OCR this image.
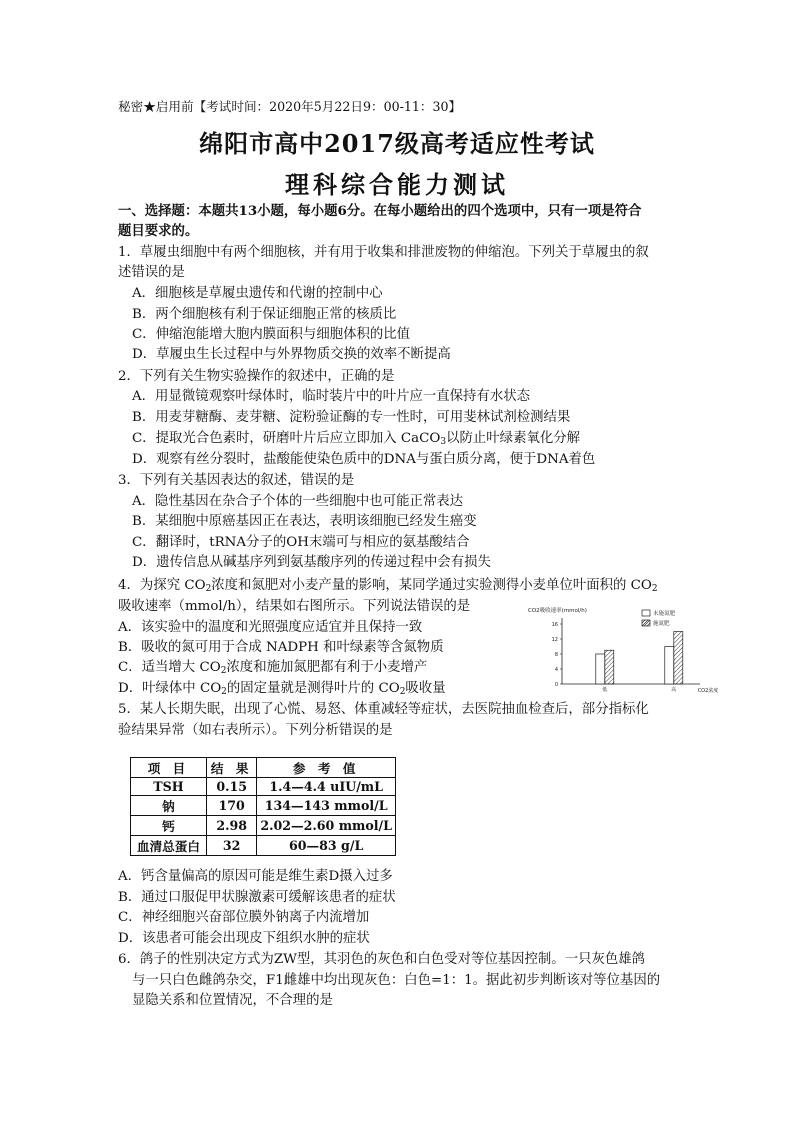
秘密★启用前【考试时间：2020年5月22日9：00-11：30】
绵阳市高中2017级高考适应性考试
理科综合能力测试
一、选择题：本题共13小题，每小题6分。在每小题给出的四个选项中，只有一项是符合
题目要求的。
1．草履虫细胞中有两个细胞核，并有用于收集和排泄废物的伸缩泡。下列关于草履虫的叙
述错误的是
A．细胞核是草履虫遗传和代谢的控制中心
B．两个细胞核有利于保证细胞正常的核质比
C．伸缩泡能增大胞内膜面积与细胞体积的比值
D．草履虫生长过程中与外界物质交换的效率不断提高
2．下列有关生物实验操作的叙述中，正确的是
A．用显微镜观察叶绿体时，临时装片中的叶片应一直保持有水状态
B．用麦芽糖酶、麦芽糖、淀粉验证酶的专一性时，可用斐林试剂检测结果
C．提取光合色素时，研磨叶片后应立即加入 CaCO$_3$以防止叶绿素氧化分解
D．观察有丝分裂时，盐酸能使染色质中的DNA与蛋白质分离，便于DNA着色
3．下列有关基因表达的叙述，错误的是
A．隐性基因在杂合子个体的一些细胞中也可能正常表达
B．某细胞中原癌基因正在表达，表明该细胞已经发生癌变
C．翻译时，tRNA分子的OH末端可与相应的氨基酸结合
D．遗传信息从碱基序列到氨基酸序列的传递过程中会有损失
4．为探究 $CO_2$浓度和氮肥对小麦产量的影响，某同学通过实验测得小麦单位叶面积的 $CO_2$
吸收速率（mmol/h），结果如右图所示。下列说法错误的是
A．该实验中的温度和光照强度应适宜并且保持一致
B．吸收的氮可用于合成 NADPH 和叶绿素等含氮物质
C．适当增大 $CO_2$浓度和施加氮肥都有利于小麦增产
D．叶绿体中 $CO_2$的固定量就是测得叶片的 $CO_2$吸收量
CO2吸收速率(mmol/h)	未施氮肥
施氮肥
0
4
8
12
16
低	高	CO2浓度
5．某人长期失眠，出现了心慌、易怒、体重减轻等症状，去医院抽血检查后，部分指标化
验结果异常（如右表所示）。下列分析错误的是
项 目	结 果	参 考 值
TSH	0.15	1.4—4.4 uIU/mL
钠	170	134—143 mmol/L
钙	2.98	2.02—2.60 mmol/L
血清总蛋白	32	60—83 g/L
A．钙含量偏高的原因可能是维生素D摄入过多
B．通过口服促甲状腺激素可缓解该患者的症状
C．神经细胞兴奋部位膜外钠离子内流增加
D．该患者可能会出现皮下组织水肿的症状
6．鸽子的性别决定方式为ZW型，其羽色的灰色和白色受对等位基因控制。一只灰色雄鸽
与一只白色雌鸽杂交，F1雌雄中均出现灰色：白色=1：1。据此初步判断该对等位基因的
显隐关系和位置情况，不合理的是
